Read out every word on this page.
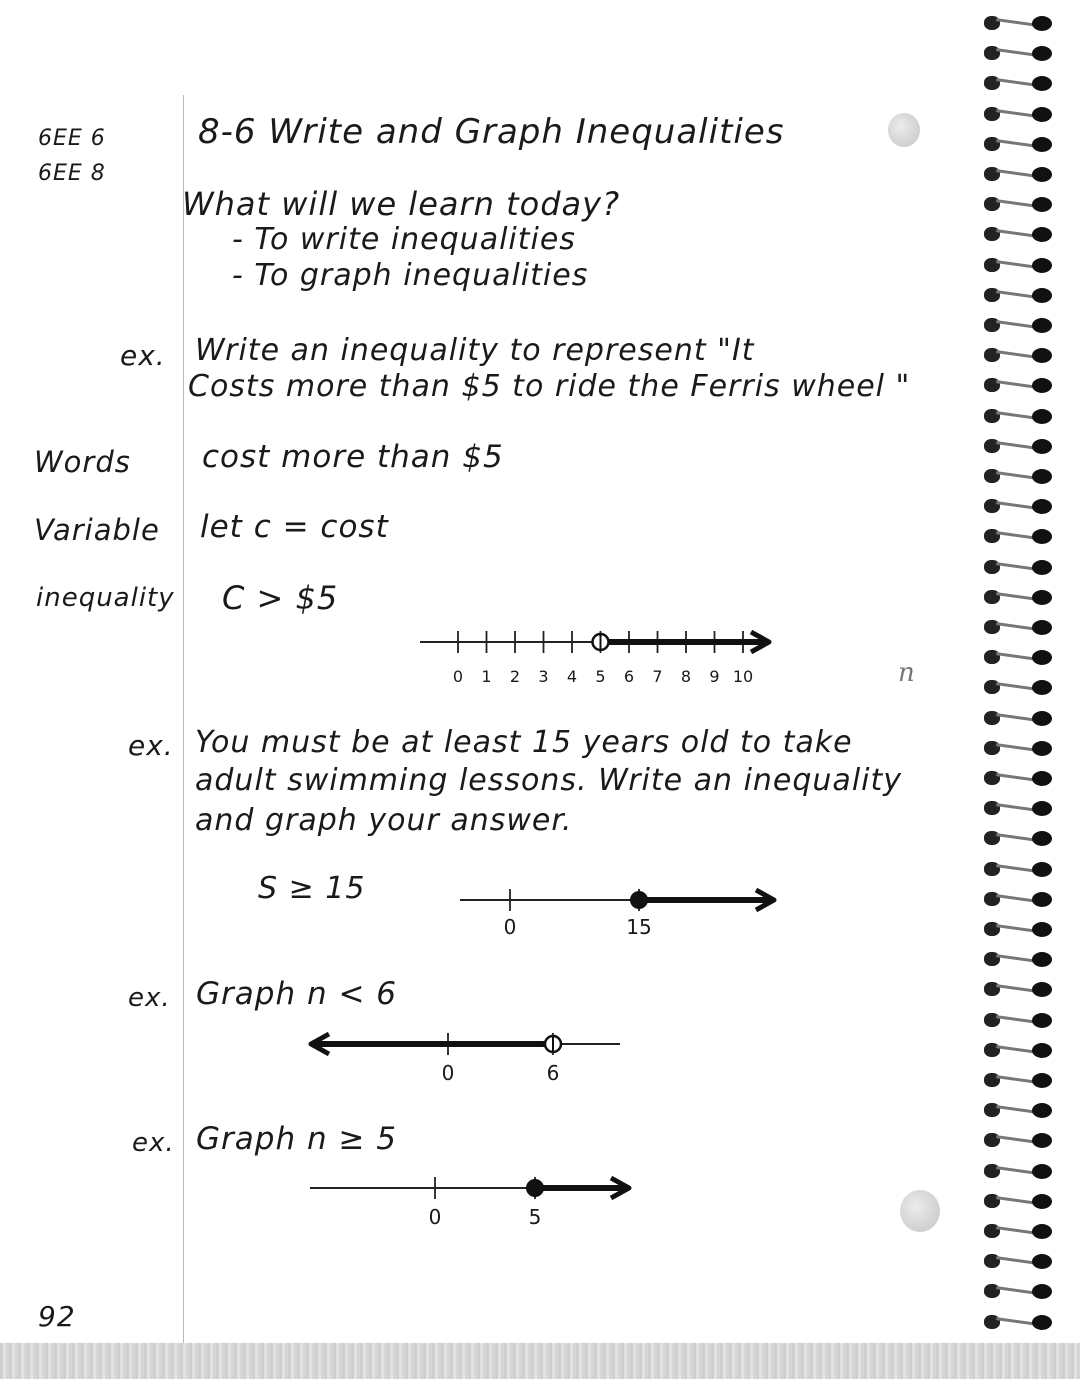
6EE 6
6EE 8
92
8-6 Write and Graph Inequalities
What will we learn today?
- To write inequalities
- To graph inequalities
ex. Write an inequality to represent "It
Costs more than $5 to ride the Ferris wheel "
Words cost more than $5
Variable let c = cost
inequality C > $5
0 1 2 3 4 5 6 7 8 9 10	n
ex. You must be at least 15 years old to take
adult swimming lessons. Write an inequality
and graph your answer.
S ≥ 15
0	15
ex. Graph n < 6
0	6
ex. Graph n ≥ 5
0	5
